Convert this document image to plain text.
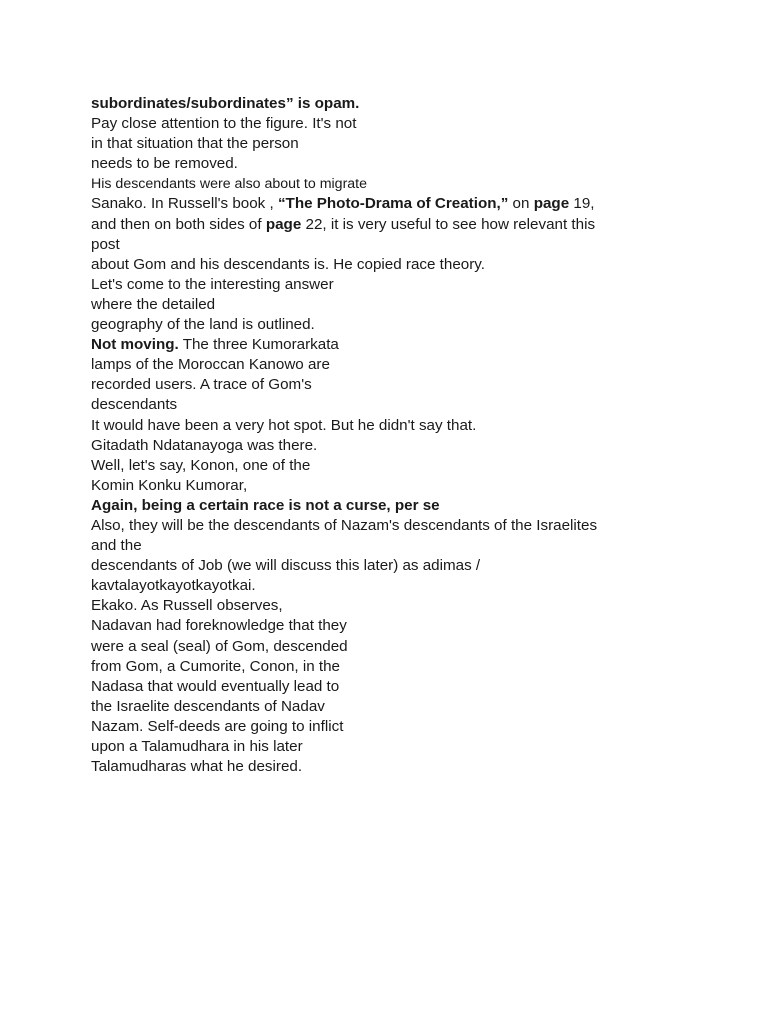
subordinates/subordinates” is opam.
Pay close attention to the figure. It's not
in that situation that the person
needs to be removed.
His descendants were also about to migrate
Sanako. In Russell's book , “The Photo-Drama of Creation,” on page 19,
and then on both sides of page 22, it is very useful to see how relevant this
post
about Gom and his descendants is. He copied race theory.
Let's come to the interesting answer
where the detailed
geography of the land is outlined.
Not moving. The three Kumorarkata
lamps of the Moroccan Kanowo are
recorded users. A trace of Gom's
descendants
It would have been a very hot spot. But he didn't say that.
Gitadath Ndatanayoga was there.
Well, let's say, Konon, one of the
Komin Konku Kumorar,
Again, being a certain race is not a curse, per se
Also, they will be the descendants of Nazam's descendants of the Israelites
and the
descendants of Job (we will discuss this later) as adimas /
kavtalayotkayotkayotkai.
Ekako. As Russell observes,
Nadavan had foreknowledge that they
were a seal (seal) of Gom, descended
from Gom, a Cumorite, Conon, in the
Nadasa that would eventually lead to
the Israelite descendants of Nadav
Nazam. Self-deeds are going to inflict
upon a Talamudhara in his later
Talamudharas what he desired.
